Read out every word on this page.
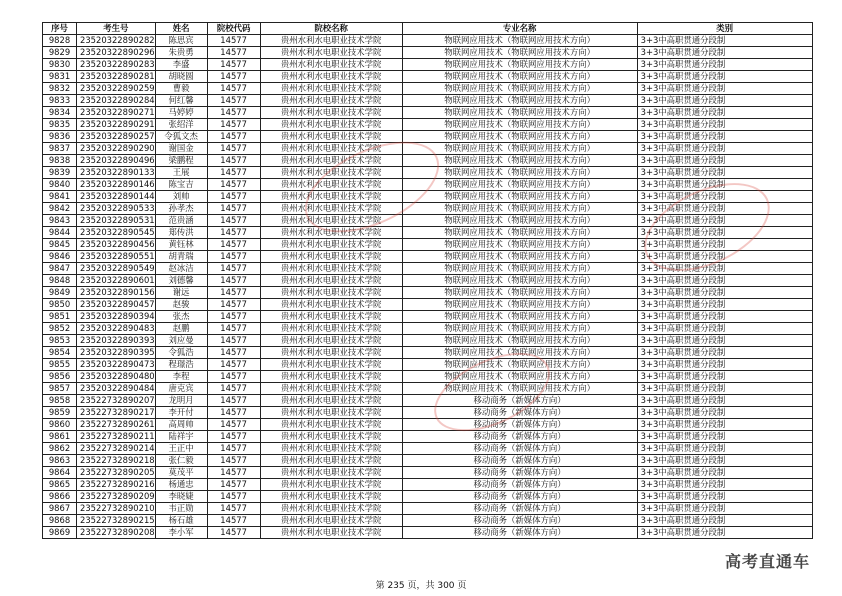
序号	考生号	姓名	院校代码	院校名称	专业名称	类别
9828	23520322890282	陈思宾	14577	贵州水利水电职业技术学院	物联网应用技术（物联网应用技术方向）	3+3中高职贯通分段制
9829	23520322890296	朱贵勇	14577	贵州水利水电职业技术学院	物联网应用技术（物联网应用技术方向）	3+3中高职贯通分段制
9830	23520322890283	李盛	14577	贵州水利水电职业技术学院	物联网应用技术（物联网应用技术方向）	3+3中高职贯通分段制
9831	23520322890281	胡晓圆	14577	贵州水利水电职业技术学院	物联网应用技术（物联网应用技术方向）	3+3中高职贯通分段制
9832	23520322890259	曹毅	14577	贵州水利水电职业技术学院	物联网应用技术（物联网应用技术方向）	3+3中高职贯通分段制
9833	23520322890284	何红馨	14577	贵州水利水电职业技术学院	物联网应用技术（物联网应用技术方向）	3+3中高职贯通分段制
9834	23520322890271	马婷婷	14577	贵州水利水电职业技术学院	物联网应用技术（物联网应用技术方向）	3+3中高职贯通分段制
9835	23520322890291	张绍洋	14577	贵州水利水电职业技术学院	物联网应用技术（物联网应用技术方向）	3+3中高职贯通分段制
9836	23520322890257	令狐文杰	14577	贵州水利水电职业技术学院	物联网应用技术（物联网应用技术方向）	3+3中高职贯通分段制
9837	23520322890290	谢国金	14577	贵州水利水电职业技术学院	物联网应用技术（物联网应用技术方向）	3+3中高职贯通分段制
9838	23520322890496	梁鹏程	14577	贵州水利水电职业技术学院	物联网应用技术（物联网应用技术方向）	3+3中高职贯通分段制
9839	23520322890133	王展	14577	贵州水利水电职业技术学院	物联网应用技术（物联网应用技术方向）	3+3中高职贯通分段制
9840	23520322890146	陈宝吉	14577	贵州水利水电职业技术学院	物联网应用技术（物联网应用技术方向）	3+3中高职贯通分段制
9841	23520322890144	刘帅	14577	贵州水利水电职业技术学院	物联网应用技术（物联网应用技术方向）	3+3中高职贯通分段制
9842	23520322890533	孙孝杰	14577	贵州水利水电职业技术学院	物联网应用技术（物联网应用技术方向）	3+3中高职贯通分段制
9843	23520322890531	范贵涵	14577	贵州水利水电职业技术学院	物联网应用技术（物联网应用技术方向）	3+3中高职贯通分段制
9844	23520322890545	郑传洪	14577	贵州水利水电职业技术学院	物联网应用技术（物联网应用技术方向）	3+3中高职贯通分段制
9845	23520322890456	黄钰林	14577	贵州水利水电职业技术学院	物联网应用技术（物联网应用技术方向）	3+3中高职贯通分段制
9846	23520322890551	胡青瑞	14577	贵州水利水电职业技术学院	物联网应用技术（物联网应用技术方向）	3+3中高职贯通分段制
9847	23520322890549	赵冰洁	14577	贵州水利水电职业技术学院	物联网应用技术（物联网应用技术方向）	3+3中高职贯通分段制
9848	23520322890601	刘德馨	14577	贵州水利水电职业技术学院	物联网应用技术（物联网应用技术方向）	3+3中高职贯通分段制
9849	23520322890156	谢远	14577	贵州水利水电职业技术学院	物联网应用技术（物联网应用技术方向）	3+3中高职贯通分段制
9850	23520322890457	赵骏	14577	贵州水利水电职业技术学院	物联网应用技术（物联网应用技术方向）	3+3中高职贯通分段制
9851	23520322890394	张杰	14577	贵州水利水电职业技术学院	物联网应用技术（物联网应用技术方向）	3+3中高职贯通分段制
9852	23520322890483	赵鹏	14577	贵州水利水电职业技术学院	物联网应用技术（物联网应用技术方向）	3+3中高职贯通分段制
9853	23520322890393	刘应曼	14577	贵州水利水电职业技术学院	物联网应用技术（物联网应用技术方向）	3+3中高职贯通分段制
9854	23520322890395	令狐浩	14577	贵州水利水电职业技术学院	物联网应用技术（物联网应用技术方向）	3+3中高职贯通分段制
9855	23520322890473	程璟浩	14577	贵州水利水电职业技术学院	物联网应用技术（物联网应用技术方向）	3+3中高职贯通分段制
9856	23520322890480	李程	14577	贵州水利水电职业技术学院	物联网应用技术（物联网应用技术方向）	3+3中高职贯通分段制
9857	23520322890484	唐克宾	14577	贵州水利水电职业技术学院	物联网应用技术（物联网应用技术方向）	3+3中高职贯通分段制
9858	23522732890207	龙明月	14577	贵州水利水电职业技术学院	移动商务（新媒体方向）	3+3中高职贯通分段制
9859	23522732890217	李开付	14577	贵州水利水电职业技术学院	移动商务（新媒体方向）	3+3中高职贯通分段制
9860	23522732890261	高周帅	14577	贵州水利水电职业技术学院	移动商务（新媒体方向）	3+3中高职贯通分段制
9861	23522732890211	陆祥宇	14577	贵州水利水电职业技术学院	移动商务（新媒体方向）	3+3中高职贯通分段制
9862	23522732890214	王正中	14577	贵州水利水电职业技术学院	移动商务（新媒体方向）	3+3中高职贯通分段制
9863	23522732890218	张仁毅	14577	贵州水利水电职业技术学院	移动商务（新媒体方向）	3+3中高职贯通分段制
9864	23522732890205	莫茂平	14577	贵州水利水电职业技术学院	移动商务（新媒体方向）	3+3中高职贯通分段制
9865	23522732890216	杨通忠	14577	贵州水利水电职业技术学院	移动商务（新媒体方向）	3+3中高职贯通分段制
9866	23522732890209	李晓婕	14577	贵州水利水电职业技术学院	移动商务（新媒体方向）	3+3中高职贯通分段制
9867	23522732890210	韦正勋	14577	贵州水利水电职业技术学院	移动商务（新媒体方向）	3+3中高职贯通分段制
9868	23522732890215	杨石雄	14577	贵州水利水电职业技术学院	移动商务（新媒体方向）	3+3中高职贯通分段制
9869	23522732890208	李小军	14577	贵州水利水电职业技术学院	移动商务（新媒体方向）	3+3中高职贯通分段制
高考直通车
第 235 页，共 300 页
